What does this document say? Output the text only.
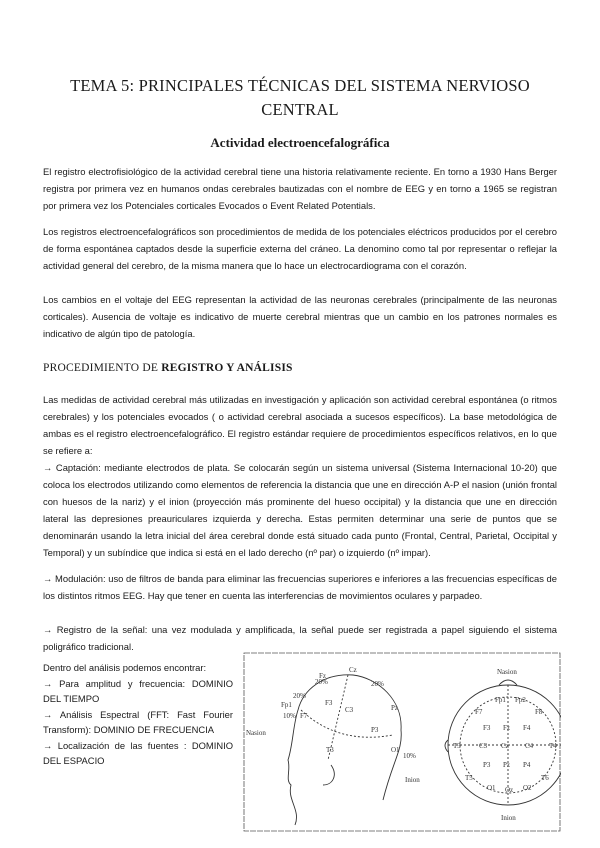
TEMA 5: PRINCIPALES TÉCNICAS DEL SISTEMA NERVIOSO
CENTRAL
Actividad electroencefalográfica

El registro electrofisiológico de la actividad cerebral tiene una historia relativamente reciente. En torno a 1930 Hans Berger registra por primera vez en humanos ondas cerebrales bautizadas con el nombre de EEG y en torno a 1965 se registran por primera vez los Potenciales corticales Evocados o Event Related Potentials.

Los registros electroencefalográficos son procedimientos de medida de los potenciales eléctricos producidos por el cerebro de forma espontánea captados desde la superficie externa del cráneo. La denomino como tal por representar o reflejar la actividad general del cerebro, de la misma manera que lo hace un electrocardiograma con el corazón.

Los cambios en el voltaje del EEG representan la actividad de las neuronas cerebrales (principalmente de las neuronas corticales). Ausencia de voltaje es indicativo de muerte cerebral mientras que un cambio en los patrones normales es indicativo de algún tipo de patología.

PROCEDIMIENTO DE REGISTRO Y ANÁLISIS

Las medidas de actividad cerebral más utilizadas en investigación y aplicación son actividad cerebral espontánea (o ritmos cerebrales) y los potenciales evocados ( o actividad cerebral asociada a sucesos específicos). La base metodológica de ambas es el registro electroencefalográfico. El registro estándar requiere de procedimientos específicos relativos, en lo que se refiere a:

→ Captación: mediante electrodos de plata. Se colocarán según un sistema universal (Sistema Internacional 10-20) que coloca los electrodos utilizando como elementos de referencia la distancia que une en dirección A-P el nasion (unión frontal con huesos de la nariz) y el inion (proyección más prominente del hueso occipital) y la distancia que une en dirección lateral las depresiones preauriculares izquierda y derecha. Estas permiten determinar una serie de puntos que se denominarán usando la letra inicial del área cerebral donde está situado cada punto (Frontal, Central, Parietal, Occipital y Temporal) y un subíndice que indica si está en el lado derecho (nº par) o izquierdo (nº impar).

→ Modulación: uso de filtros de banda para eliminar las frecuencias superiores e inferiores a las frecuencias específicas de los distintos ritmos EEG. Hay que tener en cuenta las interferencias de movimientos oculares y parpadeo.

→ Registro de la señal: una vez modulada y amplificada, la señal puede ser registrada a papel siguiendo el sistema poligráfico tradicional.

Dentro del análisis podemos encontrar:
→ Para amplitud y frecuencia: DOMINIO DEL TIEMPO
→ Análisis Espectral (FFT: Fast Fourier Transform): DOMINIO DE FRECUENCIA
→ Localización de las fuentes : DOMINIO DEL ESPACIO
Nasion
Inion
20%
20%
20%
10%
10%
Fz
Cz
Fp1
F7
F3
C3
P3
T3
Pz
O1
Nasion
Inion
Fp1 Fp2
F7
F3 Fz F4
F8
T3	C3 Cz C4 T4
T5
P3 Pz P4
T6
O1 Oz O2
